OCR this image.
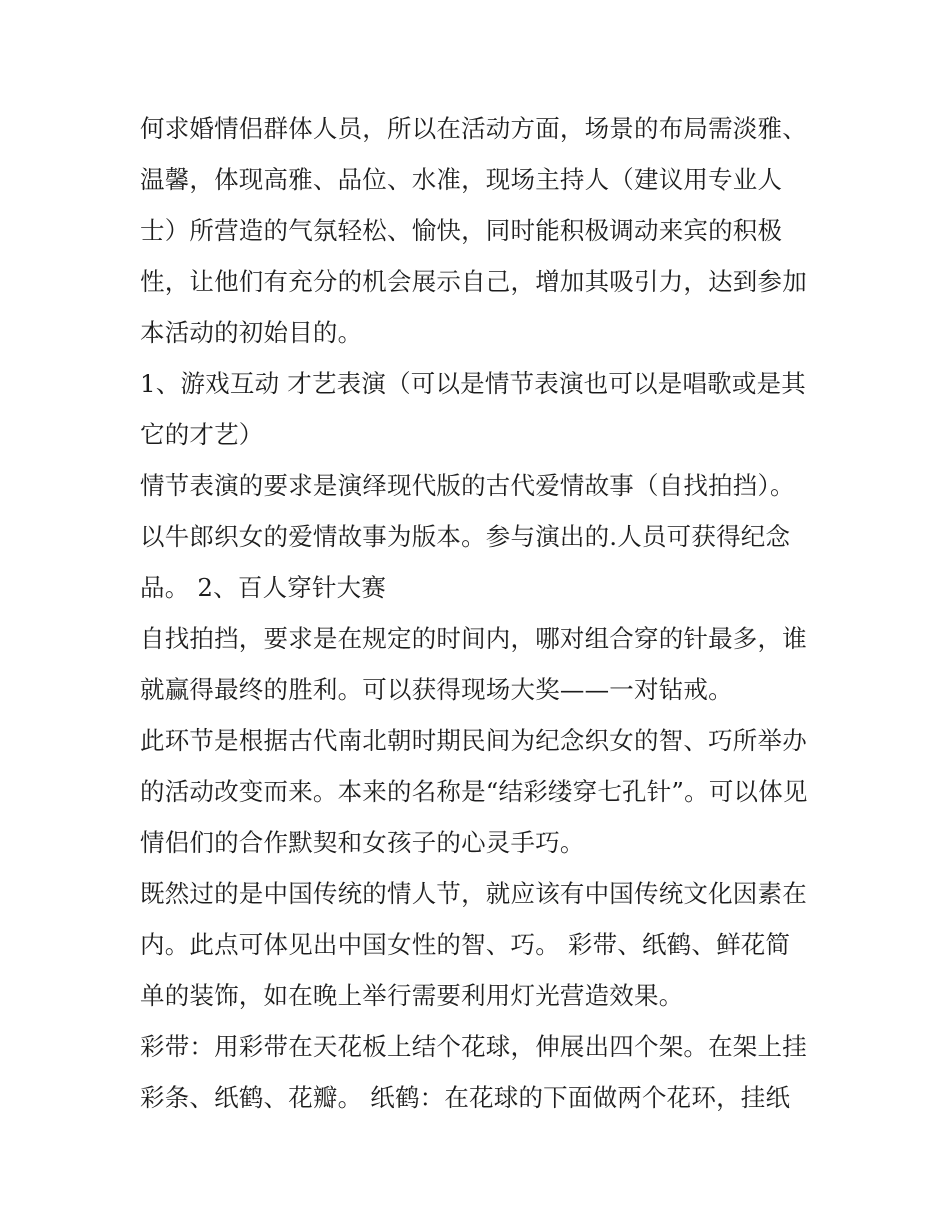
何求婚情侣群体人员，所以在活动方面，场景的布局需淡雅、
温馨，体现高雅、品位、水准，现场主持人（建议用专业人
士）所营造的气氛轻松、愉快，同时能积极调动来宾的积极
性，让他们有充分的机会展示自己，增加其吸引力，达到参加
本活动的初始目的。
1、游戏互动 才艺表演（可以是情节表演也可以是唱歌或是其
它的才艺）
情节表演的要求是演绎现代版的古代爱情故事（自找拍挡）。
以牛郎织女的爱情故事为版本。参与演出的.人员可获得纪念
品。 2、百人穿针大赛
自找拍挡，要求是在规定的时间内，哪对组合穿的针最多，谁
就赢得最终的胜利。可以获得现场大奖——一对钻戒。
此环节是根据古代南北朝时期民间为纪念织女的智、巧所举办
的活动改变而来。本来的名称是“结彩缕穿七孔针”。可以体见
情侣们的合作默契和女孩子的心灵手巧。
既然过的是中国传统的情人节，就应该有中国传统文化因素在
内。此点可体见出中国女性的智、巧。 彩带、纸鹤、鲜花简
单的装饰，如在晚上举行需要利用灯光营造效果。
彩带：用彩带在天花板上结个花球，伸展出四个架。在架上挂
彩条、纸鹤、花瓣。 纸鹤：在花球的下面做两个花环，挂纸
